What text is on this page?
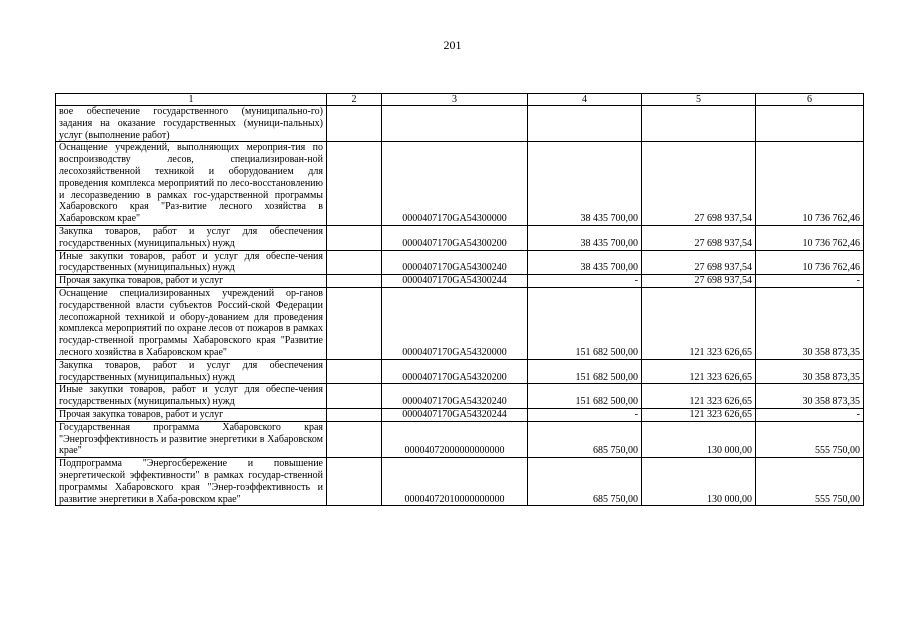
201
1	2	3	4	5	6
вое обеспечение государственного (муниципально-го) задания на оказание государственных (муници-пальных) услуг (выполнение работ)					
Оснащение учреждений, выполняющих мероприя-тия по воспроизводству лесов, специализирован-ной лесохозяйственной техникой и оборудованием для проведения комплекса мероприятий по лесо-восстановлению и лесоразведению в рамках гос-ударственной программы Хабаровского края "Раз-витие лесного хозяйства в Хабаровском крае"		0000407170GA54300000	38 435 700,00	27 698 937,54	10 736 762,46
Закупка товаров, работ и услуг для обеспечения государственных (муниципальных) нужд		0000407170GA54300200	38 435 700,00	27 698 937,54	10 736 762,46
Иные закупки товаров, работ и услуг для обеспе-чения государственных (муниципальных) нужд		0000407170GA54300240	38 435 700,00	27 698 937,54	10 736 762,46
Прочая закупка товаров, работ и услуг		0000407170GA54300244	-	27 698 937,54	-
Оснащение специализированных учреждений ор-ганов государственной власти субъектов Россий-ской Федерации лесопожарной техникой и обору-дованием для проведения комплекса мероприятий по охране лесов от пожаров в рамках государ-ственной программы Хабаровского края "Развитие лесного хозяйства в Хабаровском крае"		0000407170GA54320000	151 682 500,00	121 323 626,65	30 358 873,35
Закупка товаров, работ и услуг для обеспечения государственных (муниципальных) нужд		0000407170GA54320200	151 682 500,00	121 323 626,65	30 358 873,35
Иные закупки товаров, работ и услуг для обеспе-чения государственных (муниципальных) нужд		0000407170GA54320240	151 682 500,00	121 323 626,65	30 358 873,35
Прочая закупка товаров, работ и услуг		0000407170GA54320244	-	121 323 626,65	-
Государственная программа Хабаровского края "Энергоэффективность и развитие энергетики в Хабаровском крае"		00004072000000000000	685 750,00	130 000,00	555 750,00
Подпрограмма "Энергосбережение и повышение энергетической эффективности" в рамках государ-ственной программы Хабаровского края "Энер-гоэффективность и развитие энергетики в Хаба-ровском крае"		00004072010000000000	685 750,00	130 000,00	555 750,00
